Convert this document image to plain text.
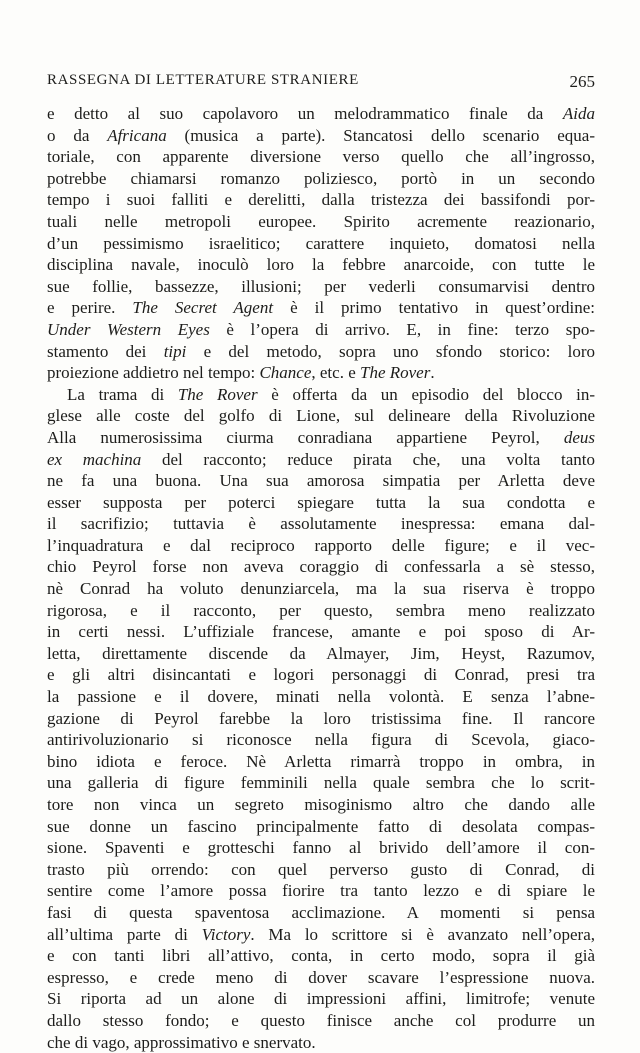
RASSEGNA DI LETTERATURE STRANIERE	265
e detto al suo capolavoro un melodrammatico finale da Aida
o da Africana (musica a parte). Stancatosi dello scenario equa-
toriale, con apparente diversione verso quello che all’ingrosso,
potrebbe chiamarsi romanzo poliziesco, portò in un secondo
tempo i suoi falliti e derelitti, dalla tristezza dei bassifondi por-
tuali nelle metropoli europee. Spirito acremente reazionario,
d’un pessimismo israelitico; carattere inquieto, domatosi nella
disciplina navale, inoculò loro la febbre anarcoide, con tutte le
sue follie, bassezze, illusioni; per vederli consumarvisi dentro
e perire. The Secret Agent è il primo tentativo in quest’ordine:
Under Western Eyes è l’opera di arrivo. E, in fine: terzo spo-
stamento dei tipi e del metodo, sopra uno sfondo storico: loro
proiezione addietro nel tempo: Chance, etc. e The Rover.
La trama di The Rover è offerta da un episodio del blocco in-
glese alle coste del golfo di Lione, sul delineare della Rivoluzione
Alla numerosissima ciurma conradiana appartiene Peyrol, deus
ex machina del racconto; reduce pirata che, una volta tanto
ne fa una buona. Una sua amorosa simpatia per Arletta deve
esser supposta per poterci spiegare tutta la sua condotta e
il sacrifizio; tuttavia è assolutamente inespressa: emana dal-
l’inquadratura e dal reciproco rapporto delle figure; e il vec-
chio Peyrol forse non aveva coraggio di confessarla a sè stesso,
nè Conrad ha voluto denunziarcela, ma la sua riserva è troppo
rigorosa, e il racconto, per questo, sembra meno realizzato
in certi nessi. L’uffiziale francese, amante e poi sposo di Ar-
letta, direttamente discende da Almayer, Jim, Heyst, Razumov,
e gli altri disincantati e logori personaggi di Conrad, presi tra
la passione e il dovere, minati nella volontà. E senza l’abne-
gazione di Peyrol farebbe la loro tristissima fine. Il rancore
antirivoluzionario si riconosce nella figura di Scevola, giaco-
bino idiota e feroce. Nè Arletta rimarrà troppo in ombra, in
una galleria di figure femminili nella quale sembra che lo scrit-
tore non vinca un segreto misoginismo altro che dando alle
sue donne un fascino principalmente fatto di desolata compas-
sione. Spaventi e grotteschi fanno al brivido dell’amore il con-
trasto più orrendo: con quel perverso gusto di Conrad, di
sentire come l’amore possa fiorire tra tanto lezzo e di spiare le
fasi di questa spaventosa acclimazione. A momenti si pensa
all’ultima parte di Victory. Ma lo scrittore si è avanzato nell’opera,
e con tanti libri all’attivo, conta, in certo modo, sopra il già
espresso, e crede meno di dover scavare l’espressione nuova.
Si riporta ad un alone di impressioni affini, limitrofe; venute
dallo stesso fondo; e questo finisce anche col produrre un
che di vago, approssimativo e snervato.
